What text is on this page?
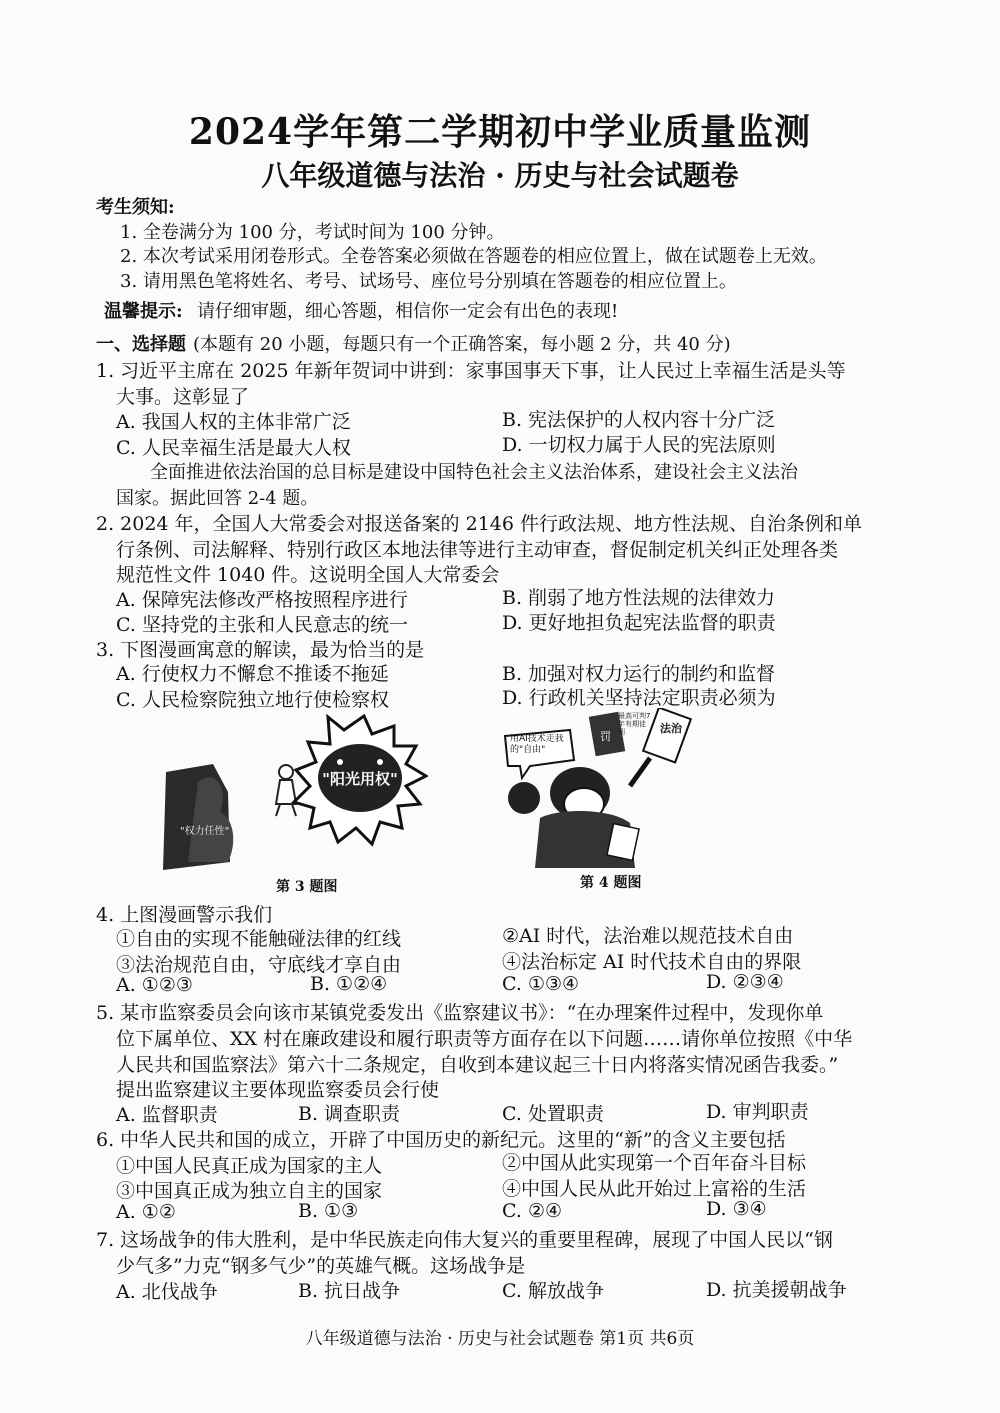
2024学年第二学期初中学业质量监测
八年级道德与法治 · 历史与社会试题卷
考生须知:
1. 全卷满分为 100 分，考试时间为 100 分钟。
2. 本次考试采用闭卷形式。全卷答案必须做在答题卷的相应位置上，做在试题卷上无效。
3. 请用黑色笔将姓名、考号、试场号、座位号分别填在答题卷的相应位置上。
温馨提示: 请仔细审题，细心答题，相信你一定会有出色的表现!
一、选择题 (本题有 20 小题，每题只有一个正确答案，每小题 2 分，共 40 分)
1. 习近平主席在 2025 年新年贺词中讲到：家事国事天下事，让人民过上幸福生活是头等
大事。这彰显了
A. 我国人权的主体非常广泛	B. 宪法保护的人权内容十分广泛
C. 人民幸福生活是最大人权	D. 一切权力属于人民的宪法原则
全面推进依法治国的总目标是建设中国特色社会主义法治体系，建设社会主义法治
国家。据此回答 2-4 题。
2. 2024 年，全国人大常委会对报送备案的 2146 件行政法规、地方性法规、自治条例和单
行条例、司法解释、特别行政区本地法律等进行主动审查，督促制定机关纠正处理各类
规范性文件 1040 件。这说明全国人大常委会
A. 保障宪法修改严格按照程序进行	B. 削弱了地方性法规的法律效力
C. 坚持党的主张和人民意志的统一	D. 更好地担负起宪法监督的职责
3. 下图漫画寓意的解读，最为恰当的是
A. 行使权力不懈怠不推诿不拖延	B. 加强对权力运行的制约和监督
C. 人民检察院独立地行使检察权	D. 行政机关坚持法定职责必须为
"权力任性"
"阳光用权"
第 3 题图
用AI技术走我的"自由"
罚
法治
最高可判7年有期徒刑
第 4 题图
4. 上图漫画警示我们
①自由的实现不能触碰法律的红线	②AI 时代，法治难以规范技术自由
③法治规范自由，守底线才享自由	④法治标定 AI 时代技术自由的界限
A. ①②③	B. ①②④	C. ①③④	D. ②③④
5. 某市监察委员会向该市某镇党委发出《监察建议书》：“在办理案件过程中，发现你单
位下属单位、XX 村在廉政建设和履行职责等方面存在以下问题……请你单位按照《中华
人民共和国监察法》第六十二条规定，自收到本建议起三十日内将落实情况函告我委。”
提出监察建议主要体现监察委员会行使
A. 监督职责	B. 调查职责	C. 处置职责	D. 审判职责
6. 中华人民共和国的成立，开辟了中国历史的新纪元。这里的“新”的含义主要包括
①中国人民真正成为国家的主人	②中国从此实现第一个百年奋斗目标
③中国真正成为独立自主的国家	④中国人民从此开始过上富裕的生活
A. ①②	B. ①③	C. ②④	D. ③④
7. 这场战争的伟大胜利，是中华民族走向伟大复兴的重要里程碑，展现了中国人民以“钢
少气多”力克“钢多气少”的英雄气概。这场战争是
A. 北伐战争	B. 抗日战争	C. 解放战争	D. 抗美援朝战争
八年级道德与法治 · 历史与社会试题卷 第1页 共6页
